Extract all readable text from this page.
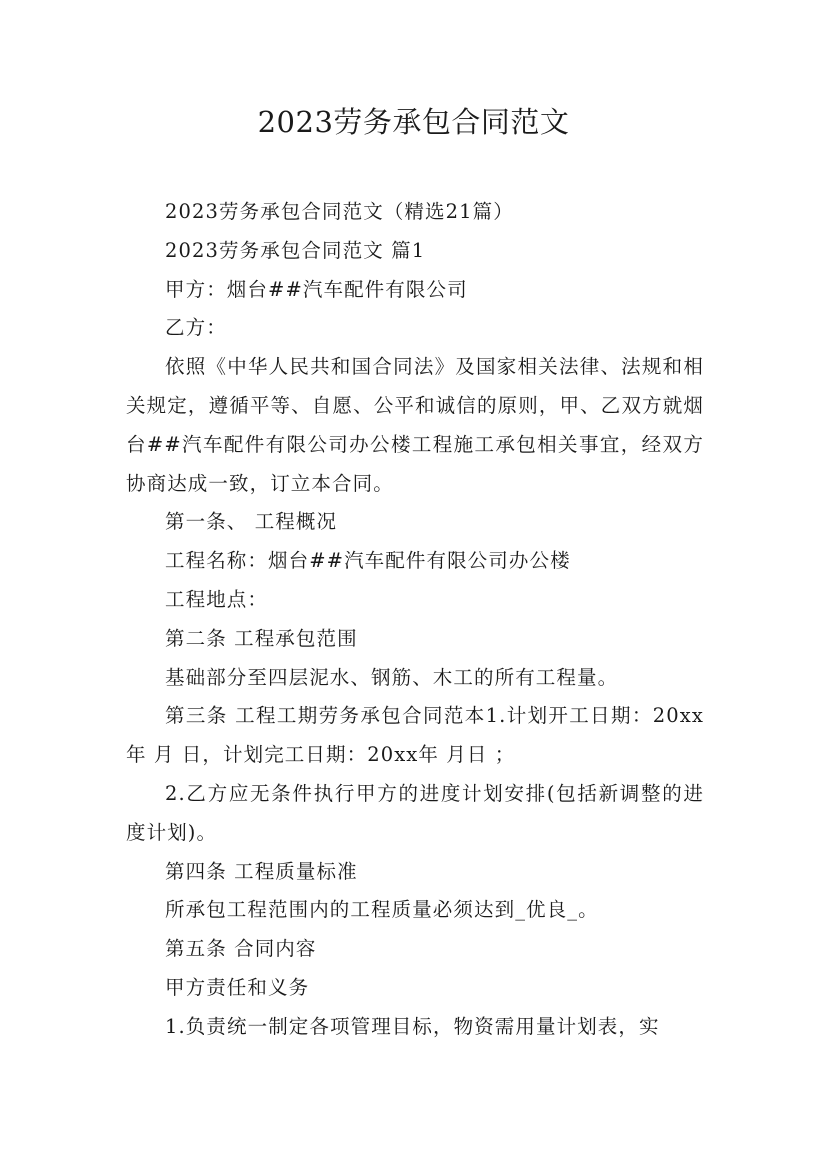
2023劳务承包合同范文

2023劳务承包合同范文（精选21篇）

2023劳务承包合同范文 篇1

甲方：烟台##汽车配件有限公司

乙方：

依照《中华人民共和国合同法》及国家相关法律、法规和相关规定，遵循平等、自愿、公平和诚信的原则，甲、乙双方就烟台##汽车配件有限公司办公楼工程施工承包相关事宜，经双方协商达成一致，订立本合同。

第一条、 工程概况

工程名称：烟台##汽车配件有限公司办公楼

工程地点：

第二条 工程承包范围

基础部分至四层泥水、钢筋、木工的所有工程量。

第三条 工程工期劳务承包合同范本1.计划开工日期：20xx年 月 日，计划完工日期：20xx年 月日 ；

2.乙方应无条件执行甲方的进度计划安排(包括新调整的进度计划)。

第四条 工程质量标准

所承包工程范围内的工程质量必须达到_优良_。

第五条 合同内容

甲方责任和义务

1.负责统一制定各项管理目标，物资需用量计划表，实
